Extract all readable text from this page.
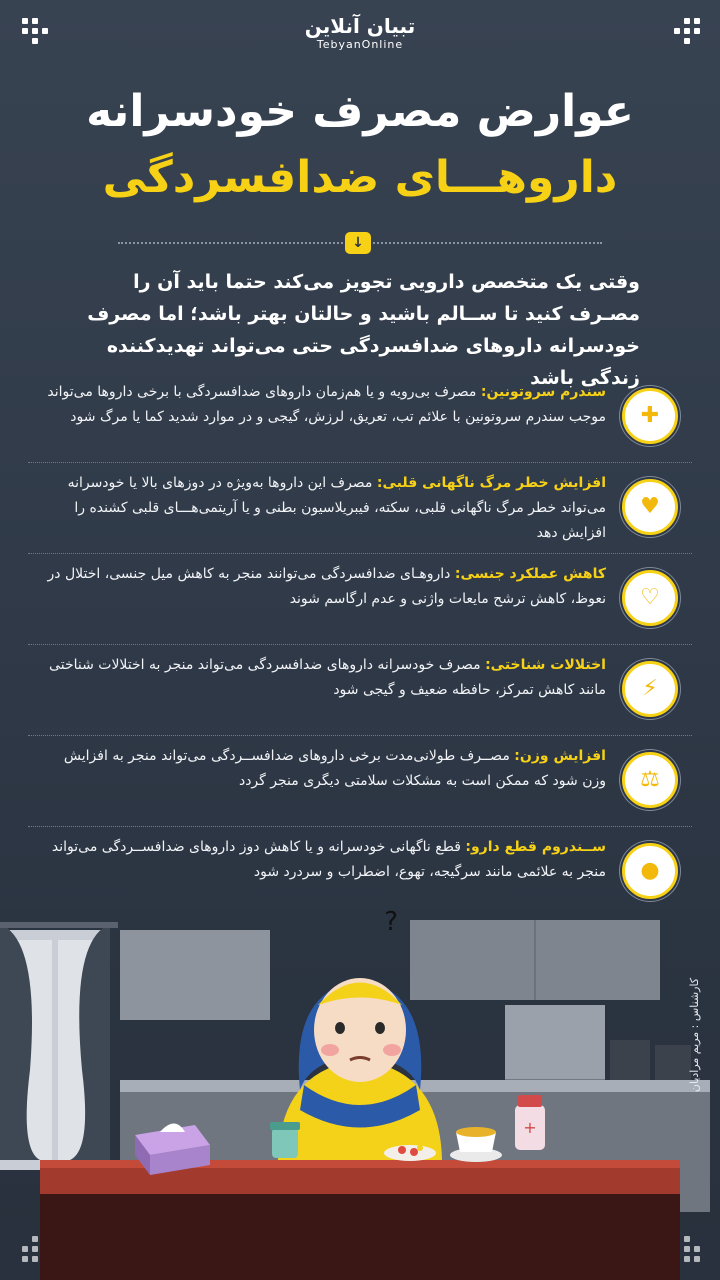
تبیان آنلاین
TebyanOnline
عوارض مصرف خودسرانه
داروهـــای ضدافسردگی
↓
وقتی یک متخصص دارویی تجویز می‌کند حتما باید آن را مصـرف کنید تا ســالم باشید و حالتان بهتر باشد؛ اما مصرف خودسرانه داروهای ضدافسردگی حتی می‌تواند تهدیدکننده زندگی باشد
✚
سندرم سروتونین: مصرف بی‌رویه و یا هم‌زمان داروهای ضدافسردگی با برخی داروها می‌تواند موجب سندرم سروتونین با علائم تب، تعریق، لرزش، گیجی و در موارد شدید کما یا مرگ شود
♥
افزایش خطر مرگ ناگهانی قلبی: مصرف این داروها به‌ویژه در دوزهای بالا یا خودسرانه می‌تواند خطر مرگ ناگهانی قلبی، سکته، فیبریلاسیون بطنی و یا آریتمی‌هـــای قلبی کشنده را افزایش دهد
♡
کاهش عملکرد جنسی: داروهـای ضدافسردگی می‌توانند منجر به کاهش میل جنسی، اختلال در نعوظ، کاهش ترشح مایعات واژنی و عدم ارگاسم شوند
⚡
اختلالات شناختی: مصرف خودسرانه داروهای ضدافسردگی می‌تواند منجر به اختلالات شناختی مانند کاهش تمرکز، حافظه ضعیف و گیجی شود
⚖
افزایش وزن: مصــرف طولانی‌مدت برخی داروهای ضدافســردگی می‌تواند منجر به افزایش وزن شود که ممکن است به مشکلات سلامتی دیگری منجر گردد
●
ســندروم قطع دارو: قطع ناگهانی خودسرانه و یا کاهش دوز داروهای ضدافســردگی می‌تواند منجر به علائمی مانند سرگیجه، تهوع، اضطراب و سردرد شود
?
+
کارشناس : مریم مرادیان
